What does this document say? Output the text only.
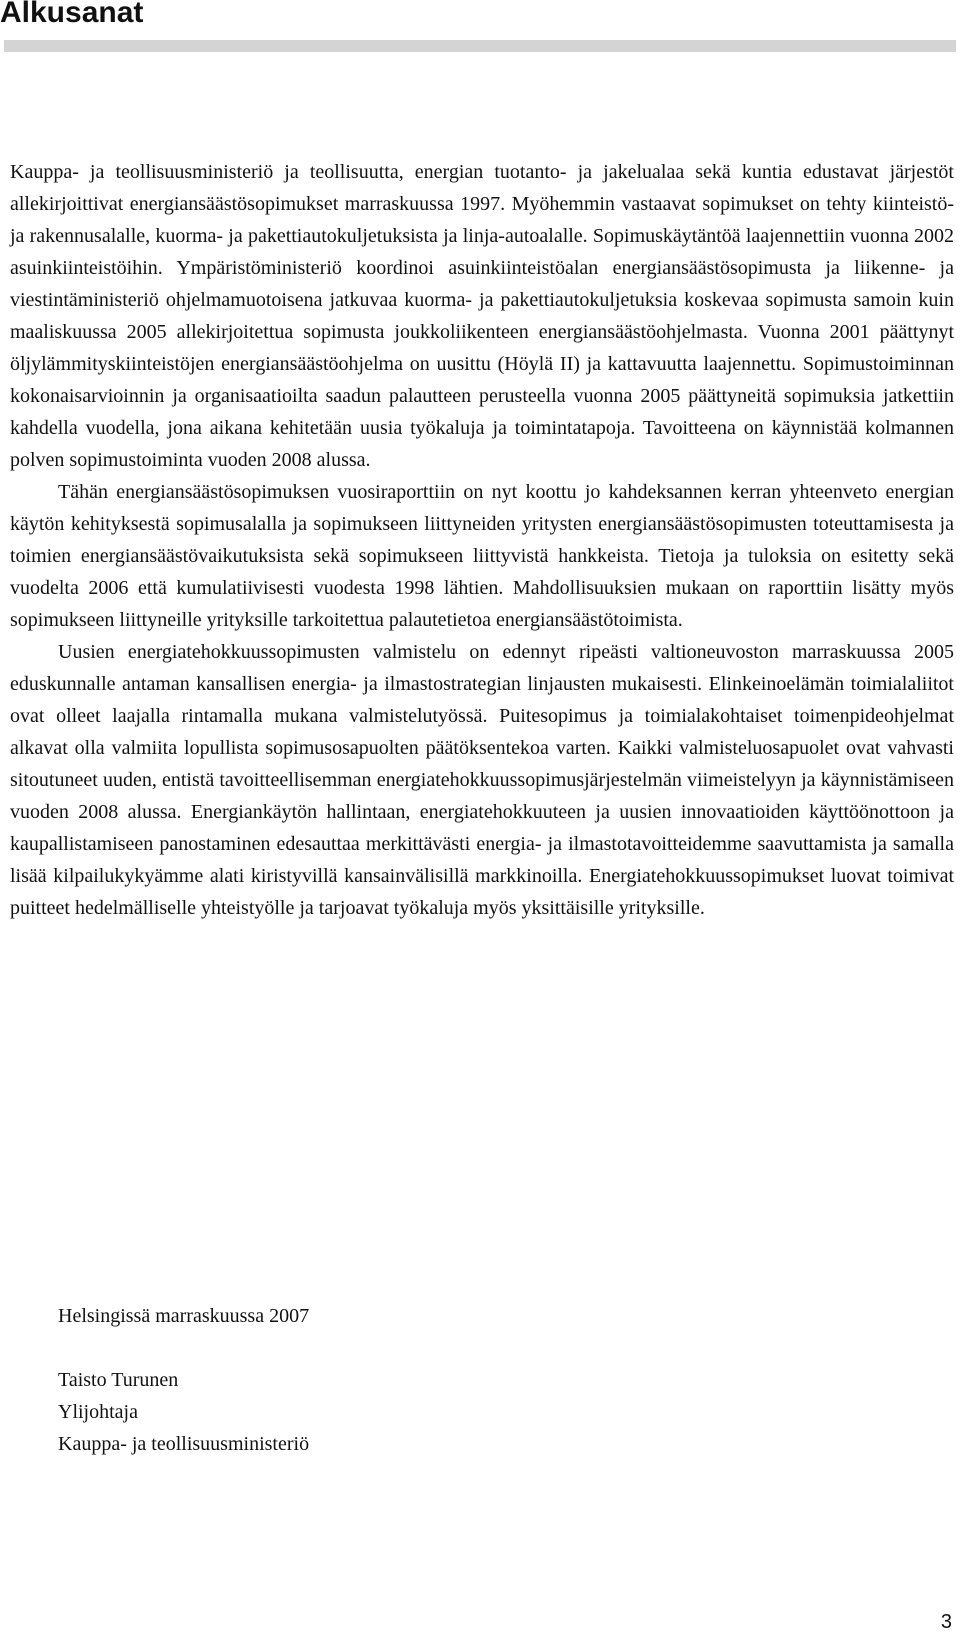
Alkusanat

Kauppa- ja teollisuusministeriö ja teollisuutta, energian tuotanto- ja jakelualaa sekä kuntia edustavat järjestöt allekirjoittivat energiansäästösopimukset marraskuussa 1997. Myöhemmin vastaavat sopimukset on tehty kiinteistö- ja rakennusalalle, kuorma- ja pakettiautokuljetuksista ja linja-autoalalle. Sopimuskäytäntöä laajennettiin vuonna 2002 asuinkiinteistöihin. Ympäristöministeriö koordinoi asuinkiinteistöalan energiansäästösopimusta ja liikenne- ja viestintäministeriö ohjelmamuotoisena jatkuvaa kuorma- ja pakettiautokuljetuksia koskevaa sopimusta samoin kuin maaliskuussa 2005 allekirjoitettua sopimusta joukkoliikenteen energiansäästöohjelmasta. Vuonna 2001 päättynyt öljylämmityskiinteistöjen energiansäästöohjelma on uusittu (Höylä II) ja kattavuutta laajennettu. Sopimustoiminnan kokonaisarvioinnin ja organisaatioilta saadun palautteen perusteella vuonna 2005 päättyneitä sopimuksia jatkettiin kahdella vuodella, jona aikana kehitetään uusia työkaluja ja toimintatapoja. Tavoitteena on käynnistää kolmannen polven sopimustoiminta vuoden 2008 alussa.

Tähän energiansäästösopimuksen vuosiraporttiin on nyt koottu jo kahdeksannen kerran yhteenveto energian käytön kehityksestä sopimusalalla ja sopimukseen liittyneiden yritysten energiansäästösopimusten toteuttamisesta ja toimien energiansäästövaikutuksista sekä sopimukseen liittyvistä hankkeista. Tietoja ja tuloksia on esitetty sekä vuodelta 2006 että kumulatiivisesti vuodesta 1998 lähtien. Mahdollisuuksien mukaan on raporttiin lisätty myös sopimukseen liittyneille yrityksille tarkoitettua palautetietoa energiansäästötoimista.

Uusien energiatehokkuussopimusten valmistelu on edennyt ripeästi valtioneuvoston marraskuussa 2005 eduskunnalle antaman kansallisen energia- ja ilmastostrategian linjausten mukaisesti. Elinkeinoelämän toimialaliitot ovat olleet laajalla rintamalla mukana valmistelutyössä. Puitesopimus ja toimialakohtaiset toimenpideohjelmat alkavat olla valmiita lopullista sopimusosapuolten päätöksentekoa varten. Kaikki valmisteluosapuolet ovat vahvasti sitoutuneet uuden, entistä tavoitteellisemman energiatehokkuussopimusjärjestelmän viimeistelyyn ja käynnistämiseen vuoden 2008 alussa. Energiankäytön hallintaan, energiatehokkuuteen ja uusien innovaatioiden käyttöönottoon ja kaupallistamiseen panostaminen edesauttaa merkittävästi energia- ja ilmastotavoitteidemme saavuttamista ja samalla lisää kilpailukykyämme alati kiristyvillä kansainvälisillä markkinoilla. Energiatehokkuussopimukset luovat toimivat puitteet hedelmälliselle yhteistyölle ja tarjoavat työkaluja myös yksittäisille yrityksille.

Helsingissä marraskuussa 2007
Taisto Turunen
Ylijohtaja
Kauppa- ja teollisuusministeriö
3
